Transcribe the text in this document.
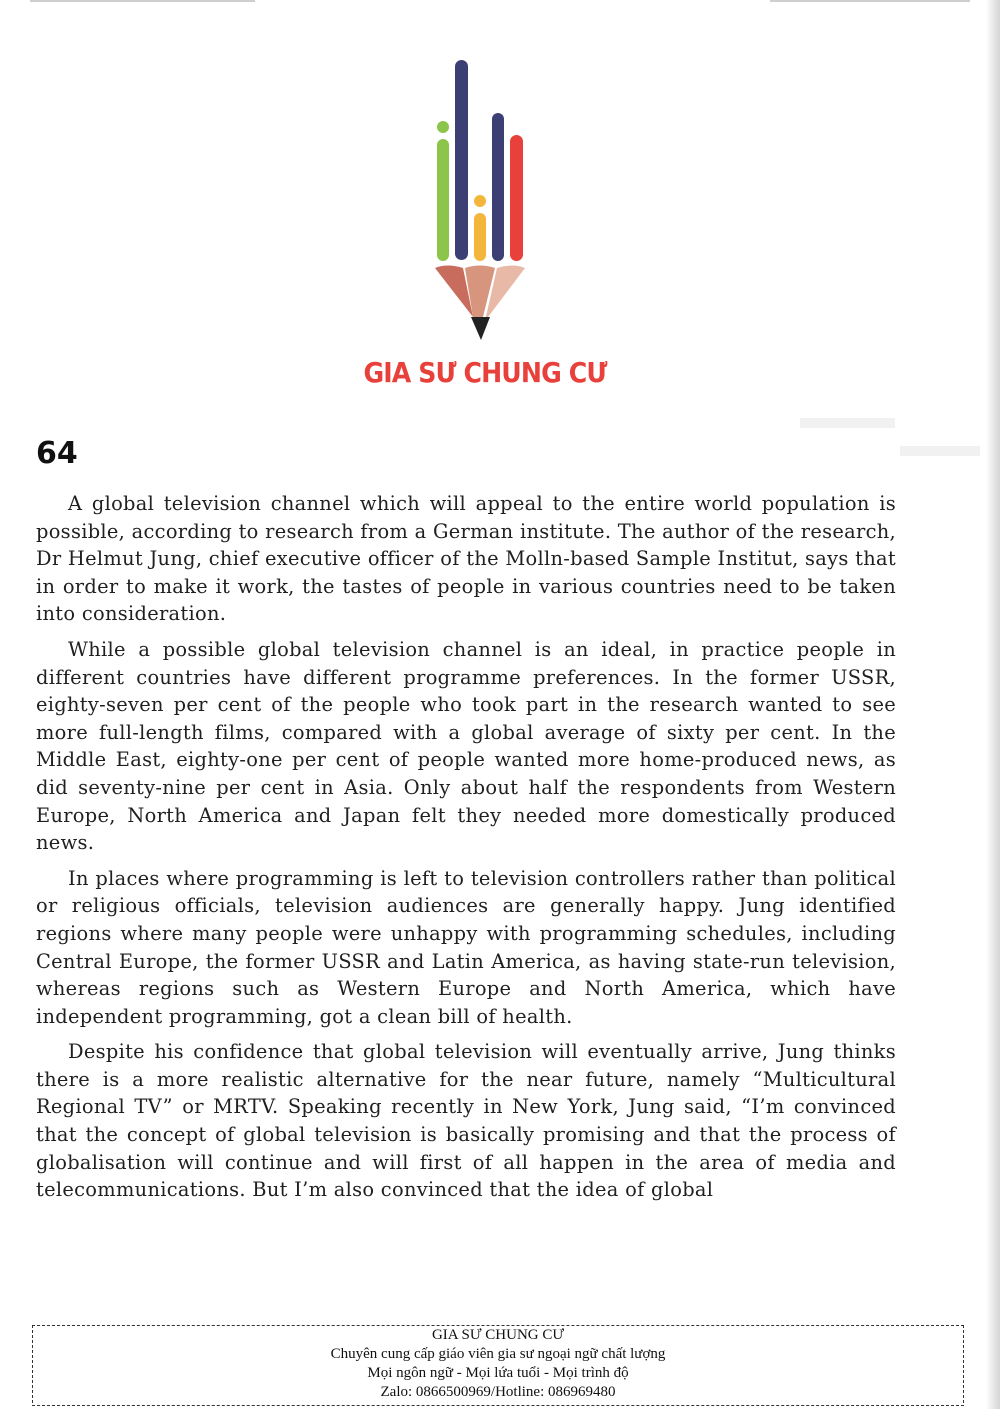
GIA SƯ CHUNG CƯ
64

A global television channel which will appeal to the entire world population is possible, according to research from a German institute. The author of the research, Dr Helmut Jung, chief executive officer of the Molln-based Sample Institut, says that in order to make it work, the tastes of people in various countries need to be taken into consideration.

While a possible global television channel is an ideal, in practice people in different countries have different programme preferences. In the former USSR, eighty-seven per cent of the people who took part in the research wanted to see more full-length films, compared with a global average of sixty per cent. In the Middle East, eighty-one per cent of people wanted more home-produced news, as did seventy-nine per cent in Asia. Only about half the respondents from Western Europe, North America and Japan felt they needed more domestically produced news.

In places where programming is left to television controllers rather than political or religious officials, television audiences are generally happy. Jung identified regions where many people were unhappy with programming schedules, including Central Europe, the former USSR and Latin America, as having state-run television, whereas regions such as Western Europe and North America, which have independent programming, got a clean bill of health.

Despite his confidence that global television will eventually arrive, Jung thinks there is a more realistic alternative for the near future, namely “Multicultural Regional TV” or MRTV. Speaking recently in New York, Jung said, “I’m convinced that the concept of global television is basically promising and that the process of globalisation will continue and will first of all happen in the area of media and telecommunications. But I’m also convinced that the idea of global

GIA SƯ CHUNG CƯ
Chuyên cung cấp giáo viên gia sư ngoại ngữ chất lượng
Mọi ngôn ngữ - Mọi lứa tuổi - Mọi trình độ
Zalo: 0866500969/Hotline: 086969480
